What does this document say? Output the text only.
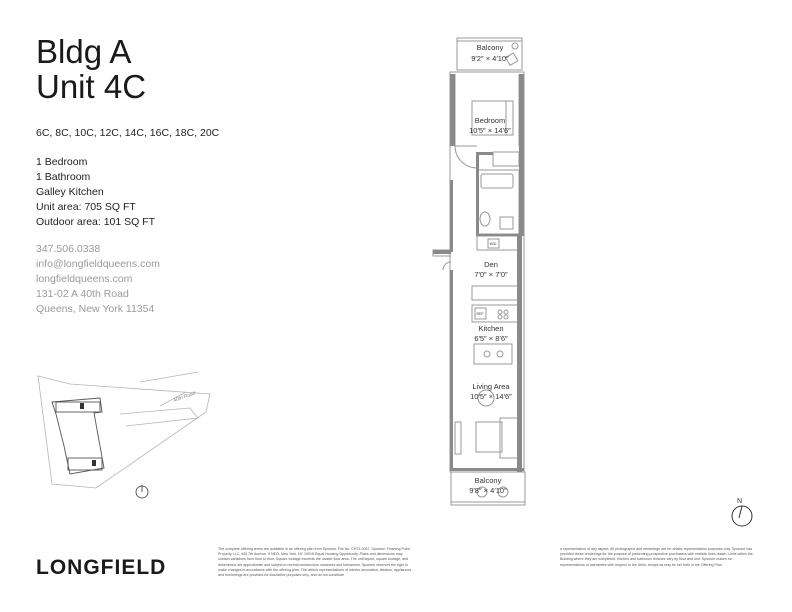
Bldg A
Unit 4C
6C, 8C, 10C, 12C, 14C, 16C, 18C, 20C
1 Bedroom
1 Bathroom
Galley Kitchen
Unit area: 705 SQ FT
Outdoor area: 101 SQ FT
347.506.0338
info@longfieldqueens.com
longfieldqueens.com
131-02 A 40th Road
Queens, New York 11354
Balcony
9′2″ × 4′10″
Bedroom
10′5″ × 14′6″
Den
7′0″ × 7′0″
Kitchen
6′5″ × 8′6″
Living Area
10′5″ × 14′6″
Balcony
9′8″ × 4′10″
W/D
REF
40th Road
N
LONGFIELD
The complete offering terms are available in an offering plan from Sponsor. File No. CP23-0057. Sponsor: Flushing Point Property LLC, 445 7th Avenue, 9 NEO, New York, NY 10018 Equal Housing Opportunity. Plans and dimensions may contain variations from floor to floor. Square footage exceeds the usable floor area. The unit layout, square footage, and dimensions are approximate and subject to normal construction variances and tolerances. Sponsor reserves the right to make changes in accordance with the offering plan. The artist's representations of interior decoration, finishes, appliances and furnishings are provided for illustrative purposes only, and do not constitute
a representation of any aspect. All photographs and renderings are for artistic representation purposes only. Sponsor has provided these renderings for the purpose of presenting prospective purchasers with realistic lines drawn. Units within the Building where they are completed. Kitchen and bathroom finishes vary by floor and unit. Sponsor makes no representations or warranties with respect to the Units, except as may be set forth in the Offering Plan.
